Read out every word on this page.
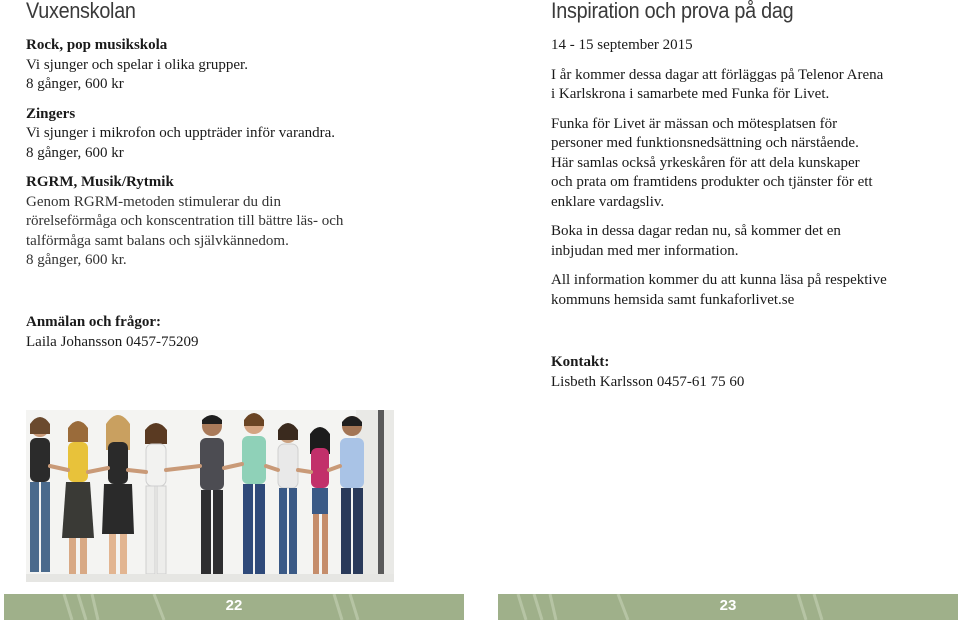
Vuxenskolan

Rock, pop musikskola

Vi sjunger och spelar i olika grupper.

8 gånger, 600 kr

Zingers

Vi sjunger i mikrofon och uppträder inför varandra.

8 gånger, 600 kr

RGRM, Musik/Rytmik

Genom RGRM-metoden stimulerar du din

rörelseförmåga och konscentration till bättre läs- och

talförmåga samt balans och självkännedom.

8 gånger, 600 kr.

Anmälan och frågor:

Laila Johansson 0457-75209

Inspiration och prova på dag

14 - 15 september 2015

I år kommer dessa dagar att förläggas på Telenor Arena

i Karlskrona i samarbete med Funka för Livet.

Funka för Livet är mässan och mötesplatsen för

personer med funktionsnedsättning och närstående.

Här samlas också yrkeskåren för att dela kunskaper

och prata om framtidens produkter och tjänster för ett

enklare vardagsliv.

Boka in dessa dagar redan nu, så kommer det en

inbjudan med mer information.

All information kommer du att kunna läsa på respektive

kommuns hemsida samt funkaforlivet.se

Kontakt:

Lisbeth Karlsson 0457-61 75 60

22	23
